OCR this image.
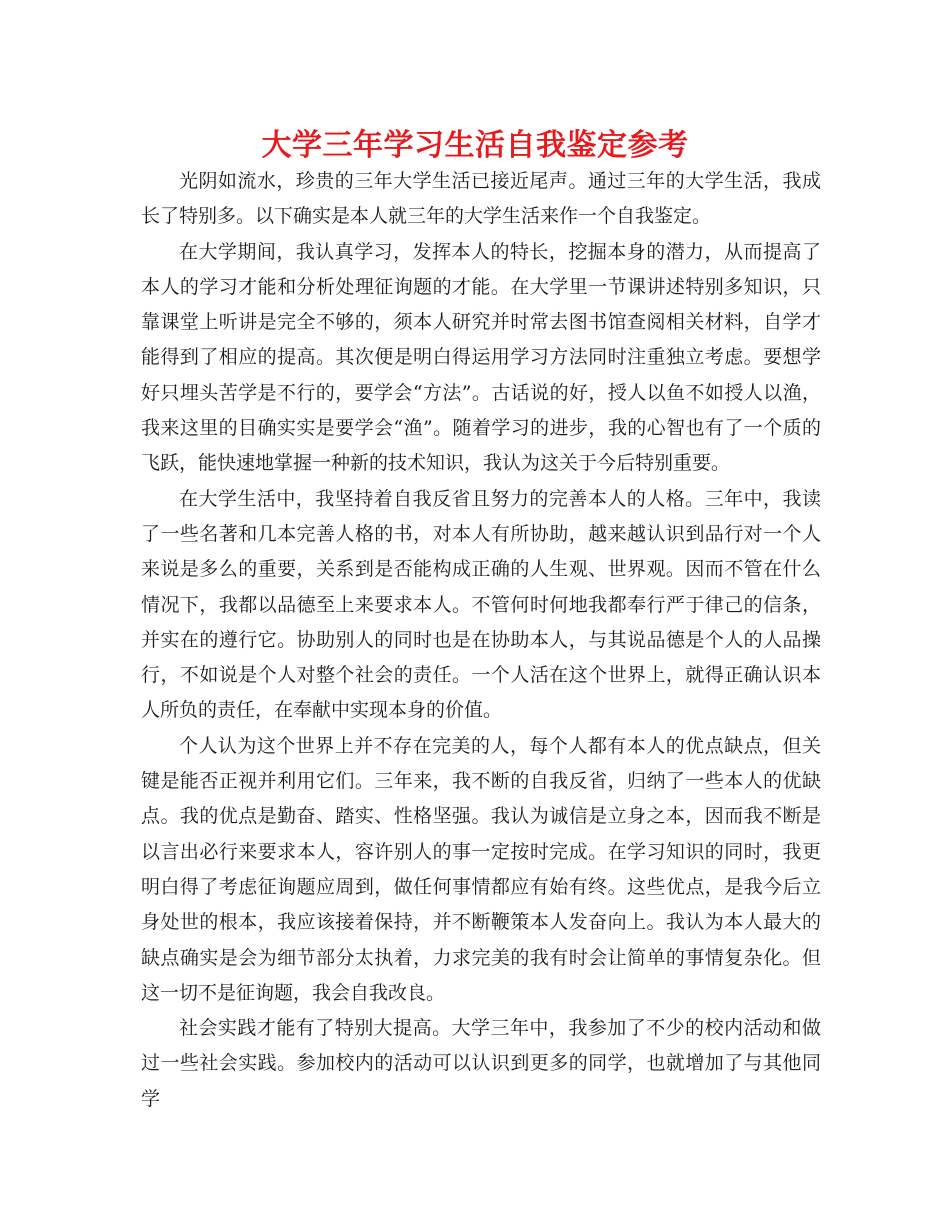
大学三年学习生活自我鉴定参考

光阴如流水，珍贵的三年大学生活已接近尾声。通过三年的大学生活，我成长了特别多。以下确实是本人就三年的大学生活来作一个自我鉴定。

在大学期间，我认真学习，发挥本人的特长，挖掘本身的潜力，从而提高了本人的学习才能和分析处理征询题的才能。在大学里一节课讲述特别多知识，只靠课堂上听讲是完全不够的，须本人研究并时常去图书馆查阅相关材料，自学才能得到了相应的提高。其次便是明白得运用学习方法同时注重独立考虑。要想学好只埋头苦学是不行的，要学会“方法”。古话说的好，授人以鱼不如授人以渔，我来这里的目确实实是要学会“渔”。随着学习的进步，我的心智也有了一个质的飞跃，能快速地掌握一种新的技术知识，我认为这关于今后特别重要。

在大学生活中，我坚持着自我反省且努力的完善本人的人格。三年中，我读了一些名著和几本完善人格的书，对本人有所协助，越来越认识到品行对一个人来说是多么的重要，关系到是否能构成正确的人生观、世界观。因而不管在什么情况下，我都以品德至上来要求本人。不管何时何地我都奉行严于律己的信条，并实在的遵行它。协助别人的同时也是在协助本人，与其说品德是个人的人品操行，不如说是个人对整个社会的责任。一个人活在这个世界上，就得正确认识本人所负的责任，在奉献中实现本身的价值。

个人认为这个世界上并不存在完美的人，每个人都有本人的优点缺点，但关键是能否正视并利用它们。三年来，我不断的自我反省，归纳了一些本人的优缺点。我的优点是勤奋、踏实、性格坚强。我认为诚信是立身之本，因而我不断是以言出必行来要求本人，容许别人的事一定按时完成。在学习知识的同时，我更明白得了考虑征询题应周到，做任何事情都应有始有终。这些优点，是我今后立身处世的根本，我应该接着保持，并不断鞭策本人发奋向上。我认为本人最大的缺点确实是会为细节部分太执着，力求完美的我有时会让简单的事情复杂化。但这一切不是征询题，我会自我改良。

社会实践才能有了特别大提高。大学三年中，我参加了不少的校内活动和做过一些社会实践。参加校内的活动可以认识到更多的同学，也就增加了与其他同学
